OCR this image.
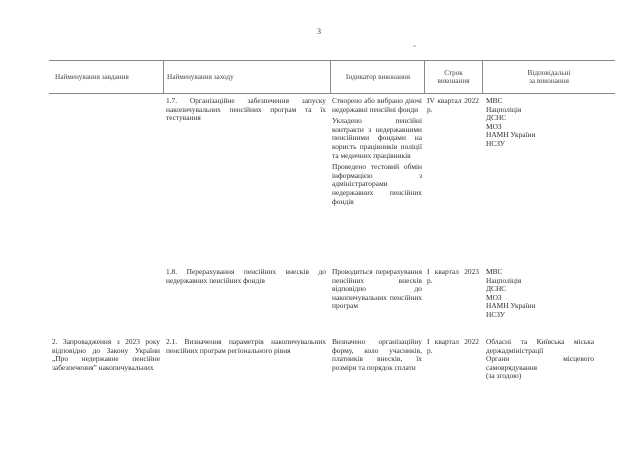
3
Найменування завдання	Найменування заходу	Індикатор виконання
Строк
виконання
Відповідальні
за виконання
1.7. Організаційне забезпечення запуску накопичувальних пенсійних програм та їх тестування

Створено або вибрано діючі недержавні пенсійні фонди

Укладено пенсійні контракти з недержавними пенсійними фондами на користь працівників поліції та медичних працівників

Проведено тестовий обмін інформацією з адміністраторами недержавних пенсійних фондів

IV квартал 2022 р.
МВС
Нацполіція
ДСНС
МОЗ
НАМН України
НСЗУ
1.8. Перерахування пенсійних внесків до недержавних пенсійних фондів

Проводиться перерахування пенсійних внесків відповідно до накопичувальних пенсійних програм

I квартал 2023 р.
МВС
Нацполіція
ДСНС
МОЗ
НАМН України
НСЗУ
2. Запровадження з 2023 року відповідно до Закону України „Про недержавне пенсійне забезпечення” накопичувальних
2.1. Визначення параметрів накопичувальних пенсійних програм регіонального рівня

Визначено організаційну форму, коло учасників, платників внесків, їх розміри та порядок сплати

I квартал 2022 р.
Обласні та Київська міська держадміністрації
Органи місцевого самоврядування
(за згодою)
